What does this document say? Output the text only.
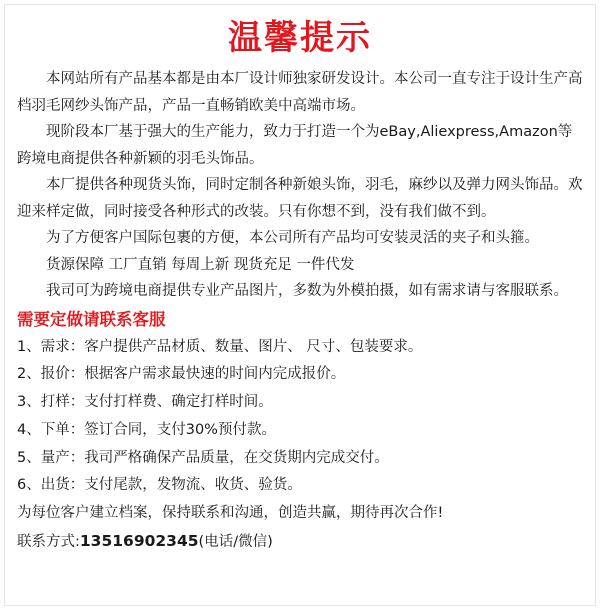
温馨提示

本网站所有产品基本都是由本厂设计师独家研发设计。本公司一直专注于设计生产高档羽毛网纱头饰产品，产品一直畅销欧美中高端市场。

现阶段本厂基于强大的生产能力，致力于打造一个为eBay,Aliexpress,Amazon等跨境电商提供各种新颖的羽毛头饰品。

本厂提供各种现货头饰，同时定制各种新娘头饰，羽毛，麻纱以及弹力网头饰品。欢迎来样定做，同时接受各种形式的改装。只有你想不到，没有我们做不到。

为了方便客户国际包裹的方便，本公司所有产品均可安装灵活的夹子和头箍。

货源保障 工厂直销 每周上新 现货充足 一件代发

我司可为跨境电商提供专业产品图片，多数为外模拍摄，如有需求请与客服联系。

需要定做请联系客服

1、需求：客户提供产品材质、数量、图片、 尺寸、包装要求。

2、报价：根据客户需求最快速的时间内完成报价。

3、打样：支付打样费、确定打样时间。

4、下单：签订合同，支付30%预付款。

5、量产：我司严格确保产品质量，在交货期内完成交付。

6、出货：支付尾款，发物流、收货、验货。

为每位客户建立档案，保持联系和沟通，创造共赢，期待再次合作!

联系方式:13516902345(电话/微信)
